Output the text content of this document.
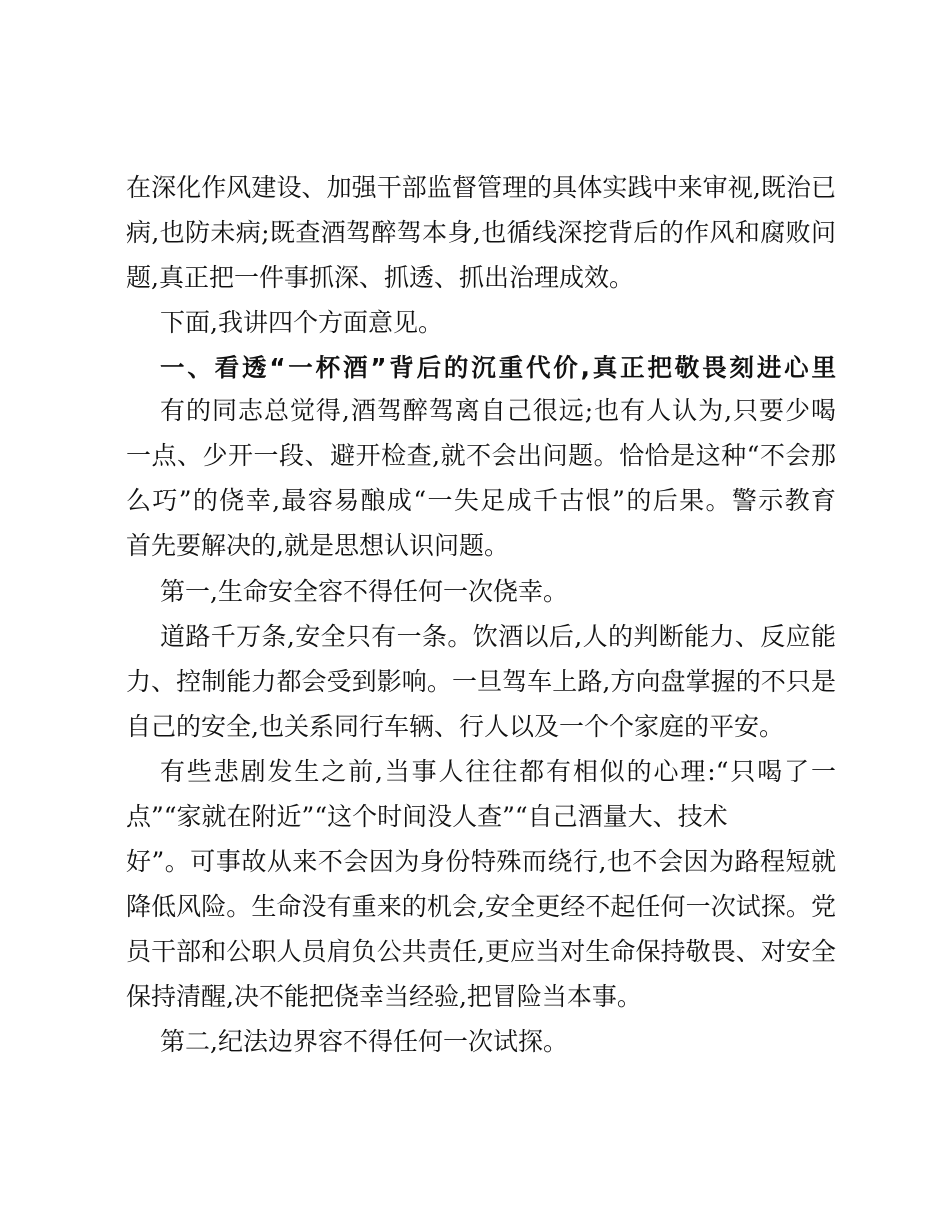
在深化作风建设、加强干部监督管理的具体实践中来审视,既治已
病,也防未病;既查酒驾醉驾本身,也循线深挖背后的作风和腐败问
题,真正把一件事抓深、抓透、抓出治理成效。
下面,我讲四个方面意见。
一、看透“一杯酒”背后的沉重代价,真正把敬畏刻进心里
有的同志总觉得,酒驾醉驾离自己很远;也有人认为,只要少喝
一点、少开一段、避开检查,就不会出问题。恰恰是这种“不会那
么巧”的侥幸,最容易酿成“一失足成千古恨”的后果。警示教育
首先要解决的,就是思想认识问题。
第一,生命安全容不得任何一次侥幸。
道路千万条,安全只有一条。饮酒以后,人的判断能力、反应能
力、控制能力都会受到影响。一旦驾车上路,方向盘掌握的不只是
自己的安全,也关系同行车辆、行人以及一个个家庭的平安。
有些悲剧发生之前,当事人往往都有相似的心理:“只喝了一
点”“家就在附近”“这个时间没人查”“自己酒量大、技术
好”。可事故从来不会因为身份特殊而绕行,也不会因为路程短就
降低风险。生命没有重来的机会,安全更经不起任何一次试探。党
员干部和公职人员肩负公共责任,更应当对生命保持敬畏、对安全
保持清醒,决不能把侥幸当经验,把冒险当本事。
第二,纪法边界容不得任何一次试探。
